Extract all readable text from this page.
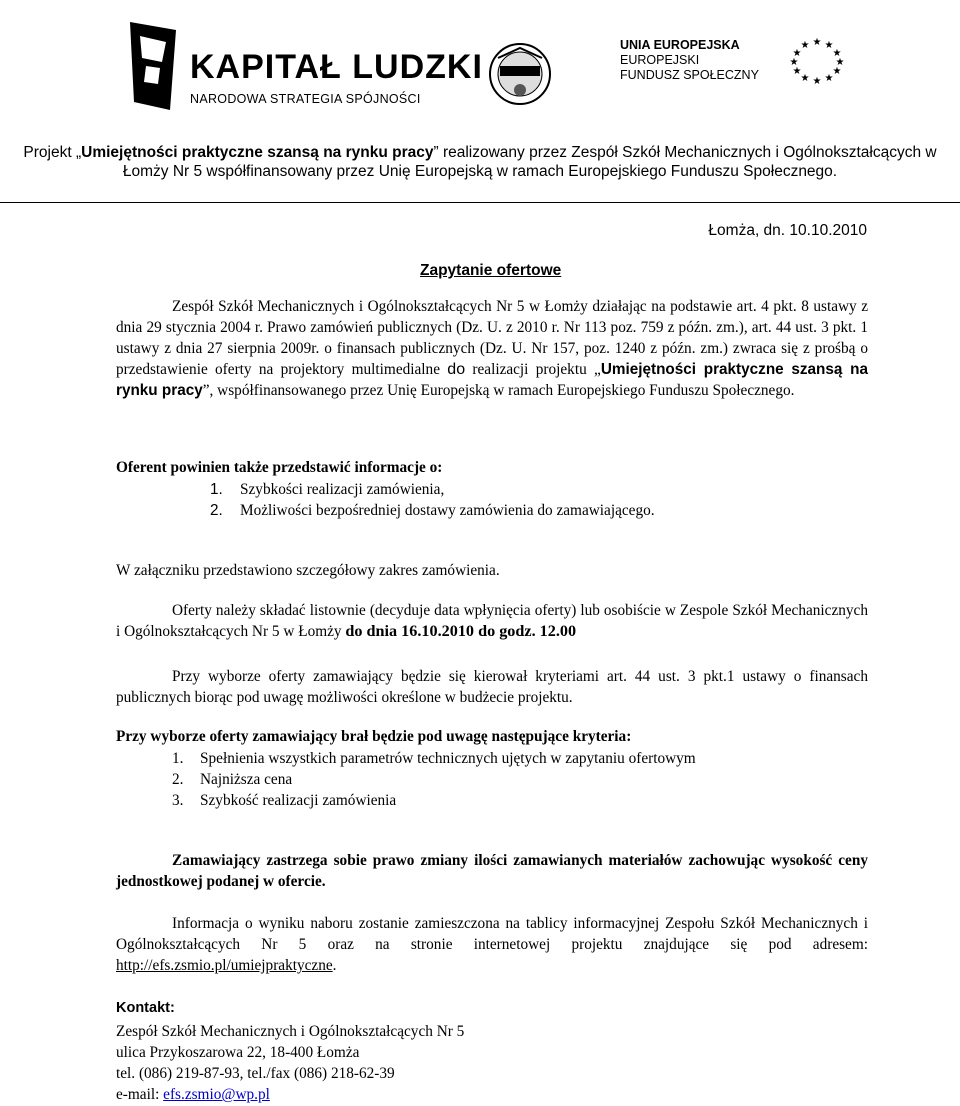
KAPITAŁ LUDZKI
NARODOWA STRATEGIA SPÓJNOŚCI
UNIA EUROPEJSKA
EUROPEJSKI
FUNDUSZ SPOŁECZNY
★ ★
★
★
★
★
★
★
★
★
★
★
Projekt „Umiejętności praktyczne szansą na rynku pracy” realizowany przez Zespół Szkół Mechanicznych i Ogólnokształcących w Łomży Nr 5 współfinansowany przez Unię Europejską w ramach Europejskiego Funduszu Społecznego.
Łomża, dn. 10.10.2010
Zapytanie ofertowe
Zespół Szkół Mechanicznych i Ogólnokształcących Nr 5 w Łomży działając na podstawie art. 4 pkt. 8 ustawy z dnia 29 stycznia 2004 r. Prawo zamówień publicznych (Dz. U. z 2010 r. Nr 113 poz. 759 z późn. zm.), art. 44 ust. 3 pkt. 1 ustawy z dnia 27 sierpnia 2009r. o finansach publicznych (Dz. U. Nr 157, poz. 1240 z późn. zm.) zwraca się z prośbą o przedstawienie oferty na projektory multimedialne do realizacji projektu „Umiejętności praktyczne szansą na rynku pracy”, współfinansowanego przez Unię Europejską w ramach Europejskiego Funduszu Społecznego.
Oferent powinien także przedstawić informacje o:
1.	Szybkości realizacji zamówienia,
2.	Możliwości bezpośredniej dostawy zamówienia do zamawiającego.
W załączniku przedstawiono szczegółowy zakres zamówienia.
Oferty należy składać listownie (decyduje data wpłynięcia oferty) lub osobiście w Zespole Szkół Mechanicznych i Ogólnokształcących Nr 5 w Łomży do dnia 16.10.2010 do godz. 12.00
Przy wyborze oferty zamawiający będzie się kierował kryteriami art. 44 ust. 3 pkt.1 ustawy o finansach publicznych biorąc pod uwagę możliwości określone w budżecie projektu.
Przy wyborze oferty zamawiający brał będzie pod uwagę następujące kryteria:
1. Spełnienia wszystkich parametrów technicznych ujętych w zapytaniu ofertowym
2. Najniższa cena
3. Szybkość realizacji zamówienia
Zamawiający zastrzega sobie prawo zmiany ilości zamawianych materiałów zachowując wysokość ceny jednostkowej podanej w ofercie.
Informacja o wyniku naboru zostanie zamieszczona na tablicy informacyjnej Zespołu Szkół Mechanicznych i Ogólnokształcących Nr 5 oraz na stronie internetowej projektu znajdujące się pod adresem: http://efs.zsmio.pl/umiejpraktyczne.
Kontakt:
Zespół Szkół Mechanicznych i Ogólnokształcących Nr 5
ulica Przykoszarowa 22, 18-400 Łomża
tel. (086) 219-87-93, tel./fax (086) 218-62-39
e-mail: efs.zsmio@wp.pl
